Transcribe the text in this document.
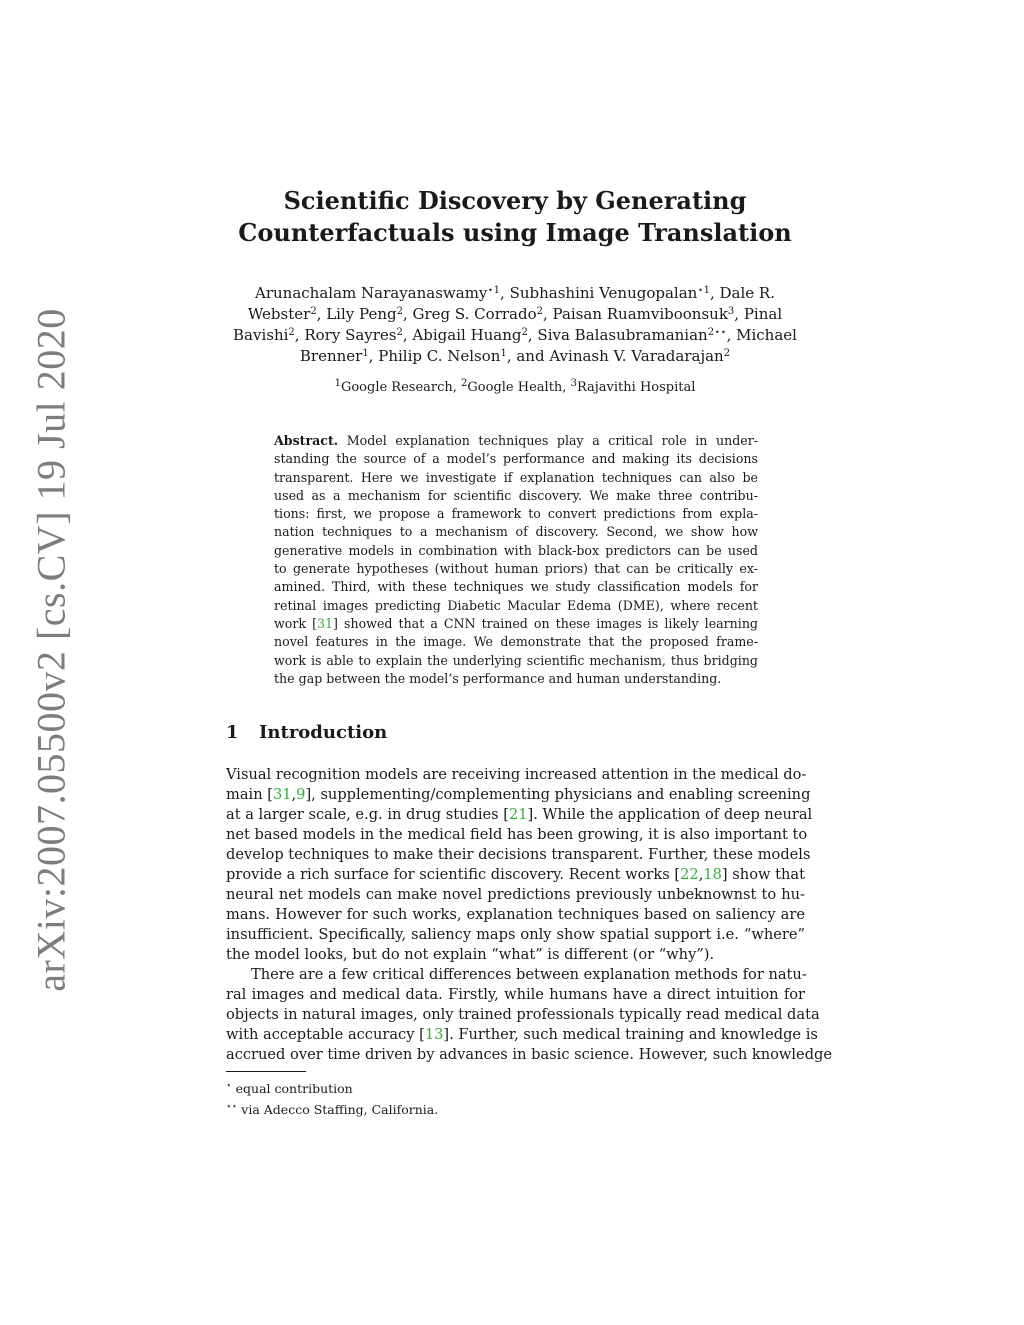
arXiv:2007.05500v2 [cs.CV] 19 Jul 2020
Scientific Discovery by Generating
Counterfactuals using Image Translation
Arunachalam Narayanaswamy$^{⋆1}$, Subhashini Venugopalan$^{⋆1}$, Dale R.
Webster$^2$, Lily Peng$^2$, Greg S. Corrado$^2$, Paisan Ruamviboonsuk$^3$, Pinal
Bavishi$^2$, Rory Sayres$^2$, Abigail Huang$^2$, Siva Balasubramanian$^{2⋆⋆}$, Michael
Brenner$^1$, Philip C. Nelson$^1$, and Avinash V. Varadarajan$^2$
$^1$Google Research, $^2$Google Health, $^3$Rajavithi Hospital
Abstract. Model explanation techniques play a critical role in under-
standing the source of a model’s performance and making its decisions
transparent. Here we investigate if explanation techniques can also be
used as a mechanism for scientific discovery. We make three contribu-
tions: first, we propose a framework to convert predictions from expla-
nation techniques to a mechanism of discovery. Second, we show how
generative models in combination with black-box predictors can be used
to generate hypotheses (without human priors) that can be critically ex-
amined. Third, with these techniques we study classification models for
retinal images predicting Diabetic Macular Edema (DME), where recent
work [31] showed that a CNN trained on these images is likely learning
novel features in the image. We demonstrate that the proposed frame-
work is able to explain the underlying scientific mechanism, thus bridging
the gap between the model’s performance and human understanding.
1 Introduction
Visual recognition models are receiving increased attention in the medical do-
main [31,9], supplementing/complementing physicians and enabling screening
at a larger scale, e.g. in drug studies [21]. While the application of deep neural
net based models in the medical field has been growing, it is also important to
develop techniques to make their decisions transparent. Further, these models
provide a rich surface for scientific discovery. Recent works [22,18] show that
neural net models can make novel predictions previously unbeknownst to hu-
mans. However for such works, explanation techniques based on saliency are
insufficient. Specifically, saliency maps only show spatial support i.e. “where”
the model looks, but do not explain “what” is different (or “why”).
There are a few critical differences between explanation methods for natu-
ral images and medical data. Firstly, while humans have a direct intuition for
objects in natural images, only trained professionals typically read medical data
with acceptable accuracy [13]. Further, such medical training and knowledge is
accrued over time driven by advances in basic science. However, such knowledge
⋆ equal contribution
⋆⋆ via Adecco Staffing, California.
